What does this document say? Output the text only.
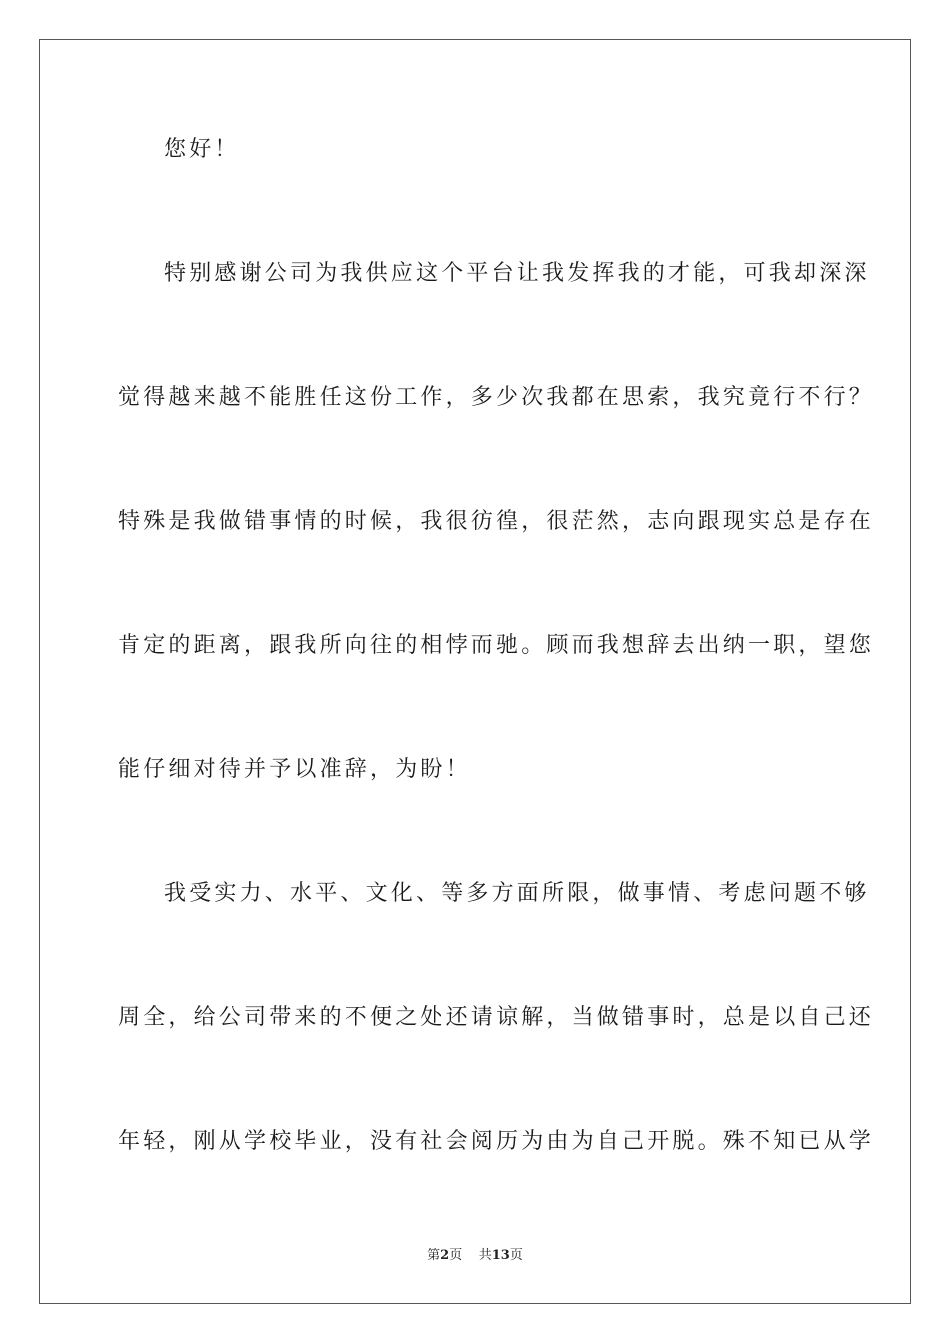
您好！
特别感谢公司为我供应这个平台让我发挥我的才能，可我却深深
觉得越来越不能胜任这份工作，多少次我都在思索，我究竟行不行？
特殊是我做错事情的时候，我很彷徨，很茫然，志向跟现实总是存在
肯定的距离，跟我所向往的相悖而驰。顾而我想辞去出纳一职，望您
能仔细对待并予以准辞，为盼！
我受实力、水平、文化、等多方面所限，做事情、考虑问题不够
周全，给公司带来的不便之处还请谅解，当做错事时，总是以自己还
年轻，刚从学校毕业，没有社会阅历为由为自己开脱。殊不知已从学
第2页 共13页
